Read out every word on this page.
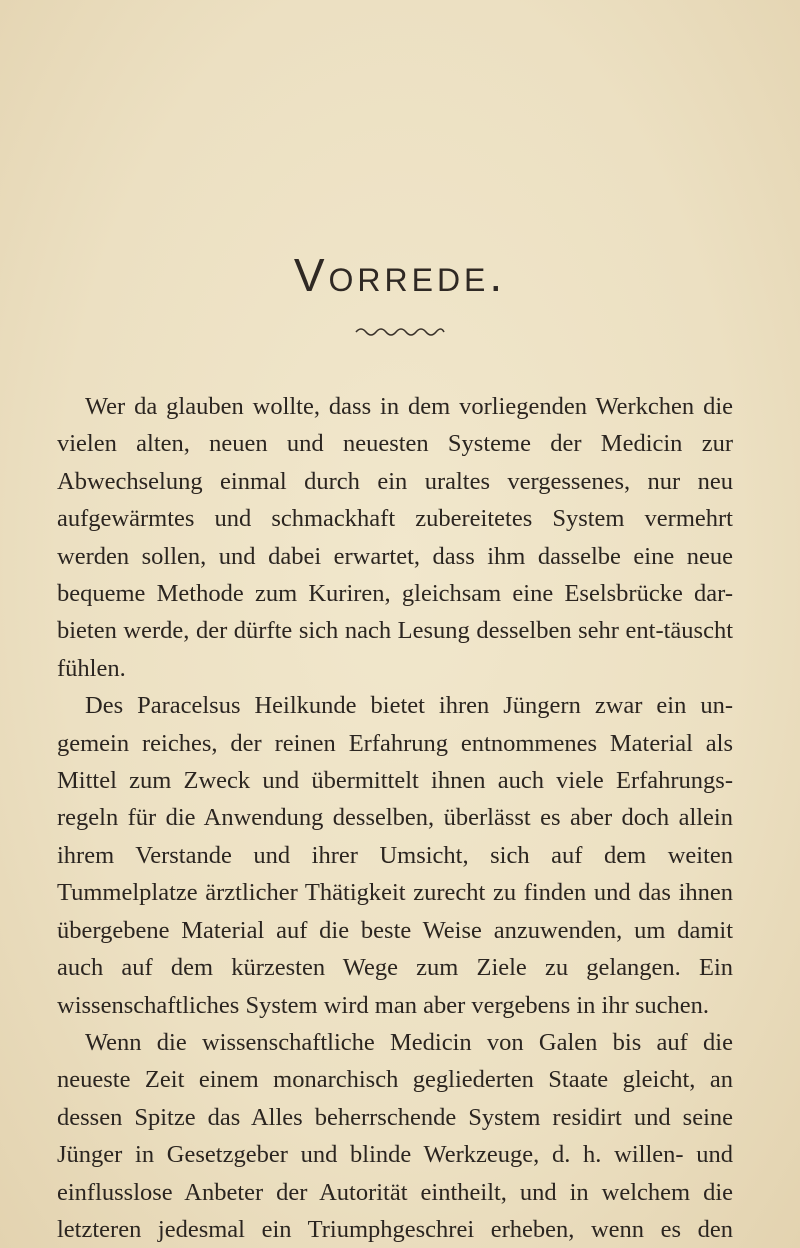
Vorrede.

Wer da glauben wollte, dass in dem vorliegenden Werkchen die vielen alten, neuen und neuesten Systeme der Medicin zur Abwechselung einmal durch ein uraltes vergessenes, nur neu aufgewärmtes und schmackhaft zubereitetes System vermehrt werden sollen, und dabei erwartet, dass ihm dasselbe eine neue bequeme Methode zum Kuriren, gleichsam eine Eselsbrücke dar-bieten werde, der dürfte sich nach Lesung desselben sehr ent-täuscht fühlen.

Des Paracelsus Heilkunde bietet ihren Jüngern zwar ein un-gemein reiches, der reinen Erfahrung entnommenes Material als Mittel zum Zweck und übermittelt ihnen auch viele Erfahrungs-regeln für die Anwendung desselben, überlässt es aber doch allein ihrem Verstande und ihrer Umsicht, sich auf dem weiten Tummelplatze ärztlicher Thätigkeit zurecht zu finden und das ihnen übergebene Material auf die beste Weise anzuwenden, um damit auch auf dem kürzesten Wege zum Ziele zu gelangen. Ein wissenschaftliches System wird man aber vergebens in ihr suchen.

Wenn die wissenschaftliche Medicin von Galen bis auf die neueste Zeit einem monarchisch gegliederten Staate gleicht, an dessen Spitze das Alles beherrschende System residirt und seine Jünger in Gesetzgeber und blinde Werkzeuge, d. h. willen- und einflusslose Anbeter der Autorität eintheilt, und in welchem die letzteren jedesmal ein Triumphgeschrei erheben, wenn es den
